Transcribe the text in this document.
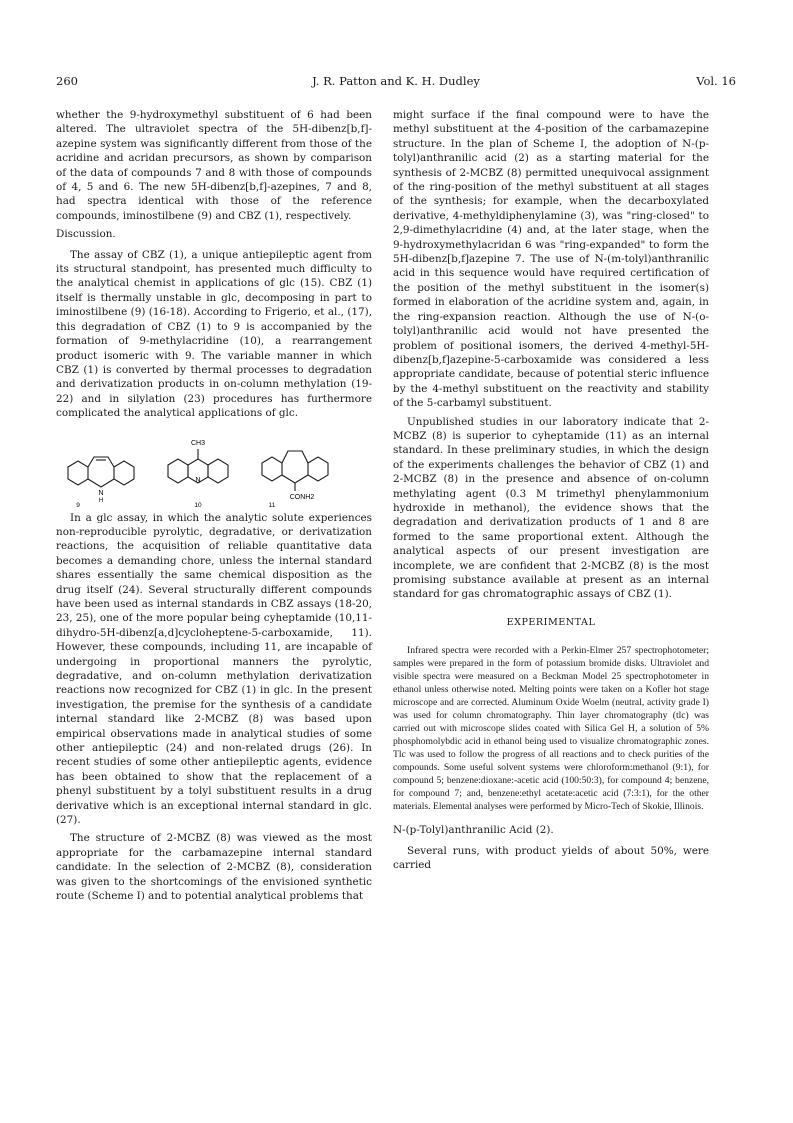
260	J. R. Patton and K. H. Dudley	Vol. 16

whether the 9-hydroxymethyl substituent of 6 had been altered. The ultraviolet spectra of the 5H-dibenz[b,f]-azepine system was significantly different from those of the acridine and acridan precursors, as shown by comparison of the data of compounds 7 and 8 with those of compounds of 4, 5 and 6. The new 5H-dibenz[b,f]-azepines, 7 and 8, had spectra identical with those of the reference compounds, iminostilbene (9) and CBZ (1), respectively.

Discussion.

The assay of CBZ (1), a unique antiepileptic agent from its structural standpoint, has presented much difficulty to the analytical chemist in applications of glc (15). CBZ (1) itself is thermally unstable in glc, decomposing in part to iminostilbene (9) (16-18). According to Frigerio, et al., (17), this degradation of CBZ (1) to 9 is accompanied by the formation of 9-methylacridine (10), a rearrangement product isomeric with 9. The variable manner in which CBZ (1) is converted by thermal processes to degradation and derivatization products in on-column methylation (19-22) and in silylation (23) procedures has furthermore complicated the analytical applications of glc.

N
H
CH3
N
CONH2
9	10	11

In a glc assay, in which the analytic solute experiences non-reproducible pyrolytic, degradative, or derivatization reactions, the acquisition of reliable quantitative data becomes a demanding chore, unless the internal standard shares essentially the same chemical disposition as the drug itself (24). Several structurally different compounds have been used as internal standards in CBZ assays (18-20, 23, 25), one of the more popular being cyheptamide (10,11-dihydro-5H-dibenz[a,d]cycloheptene-5-carboxamide, 11). However, these compounds, including 11, are incapable of undergoing in proportional manners the pyrolytic, degradative, and on-column methylation derivatization reactions now recognized for CBZ (1) in glc. In the present investigation, the premise for the synthesis of a candidate internal standard like 2-MCBZ (8) was based upon empirical observations made in analytical studies of some other antiepileptic (24) and non-related drugs (26). In recent studies of some other antiepileptic agents, evidence has been obtained to show that the replacement of a phenyl substituent by a tolyl substituent results in a drug derivative which is an exceptional internal standard in glc. (27).

The structure of 2-MCBZ (8) was viewed as the most appropriate for the carbamazepine internal standard candidate. In the selection of 2-MCBZ (8), consideration was given to the shortcomings of the envisioned synthetic route (Scheme I) and to potential analytical problems that

might surface if the final compound were to have the methyl substituent at the 4-position of the carbamazepine structure. In the plan of Scheme I, the adoption of N-(p-tolyl)anthranilic acid (2) as a starting material for the synthesis of 2-MCBZ (8) permitted unequivocal assignment of the ring-position of the methyl substituent at all stages of the synthesis; for example, when the decarboxylated derivative, 4-methyldiphenylamine (3), was "ring-closed" to 2,9-dimethylacridine (4) and, at the later stage, when the 9-hydroxymethylacridan 6 was "ring-expanded" to form the 5H-dibenz[b,f]azepine 7. The use of N-(m-tolyl)anthranilic acid in this sequence would have required certification of the position of the methyl substituent in the isomer(s) formed in elaboration of the acridine system and, again, in the ring-expansion reaction. Although the use of N-(o-tolyl)anthranilic acid would not have presented the problem of positional isomers, the derived 4-methyl-5H-dibenz[b,f]azepine-5-carboxamide was considered a less appropriate candidate, because of potential steric influence by the 4-methyl substituent on the reactivity and stability of the 5-carbamyl substituent.

Unpublished studies in our laboratory indicate that 2-MCBZ (8) is superior to cyheptamide (11) as an internal standard. In these preliminary studies, in which the design of the experiments challenges the behavior of CBZ (1) and 2-MCBZ (8) in the presence and absence of on-column methylating agent (0.3 M trimethyl phenylammonium hydroxide in methanol), the evidence shows that the degradation and derivatization products of 1 and 8 are formed to the same proportional extent. Although the analytical aspects of our present investigation are incomplete, we are confident that 2-MCBZ (8) is the most promising substance available at present as an internal standard for gas chromatographic assays of CBZ (1).

EXPERIMENTAL

Infrared spectra were recorded with a Perkin-Elmer 257 spectrophotometer; samples were prepared in the form of potassium bromide disks. Ultraviolet and visible spectra were measured on a Beckman Model 25 spectrophotometer in ethanol unless otherwise noted. Melting points were taken on a Kofler hot stage microscope and are corrected. Aluminum Oxide Woelm (neutral, activity grade I) was used for column chromatography. Thin layer chromatography (tlc) was carried out with microscope slides coated with Silica Gel H, a solution of 5% phosphomolybdic acid in ethanol being used to visualize chromatographic zones. Tlc was used to follow the progress of all reactions and to check purities of the compounds. Some useful solvent systems were chloroform:methanol (9:1), for compound 5; benzene:dioxane:-acetic acid (100:50:3), for compound 4; benzene, for compound 7; and, benzene:ethyl acetate:acetic acid (7:3:1), for the other materials. Elemental analyses were performed by Micro-Tech of Skokie, Illinois.

N-(p-Tolyl)anthranilic Acid (2).

Several runs, with product yields of about 50%, were carried
